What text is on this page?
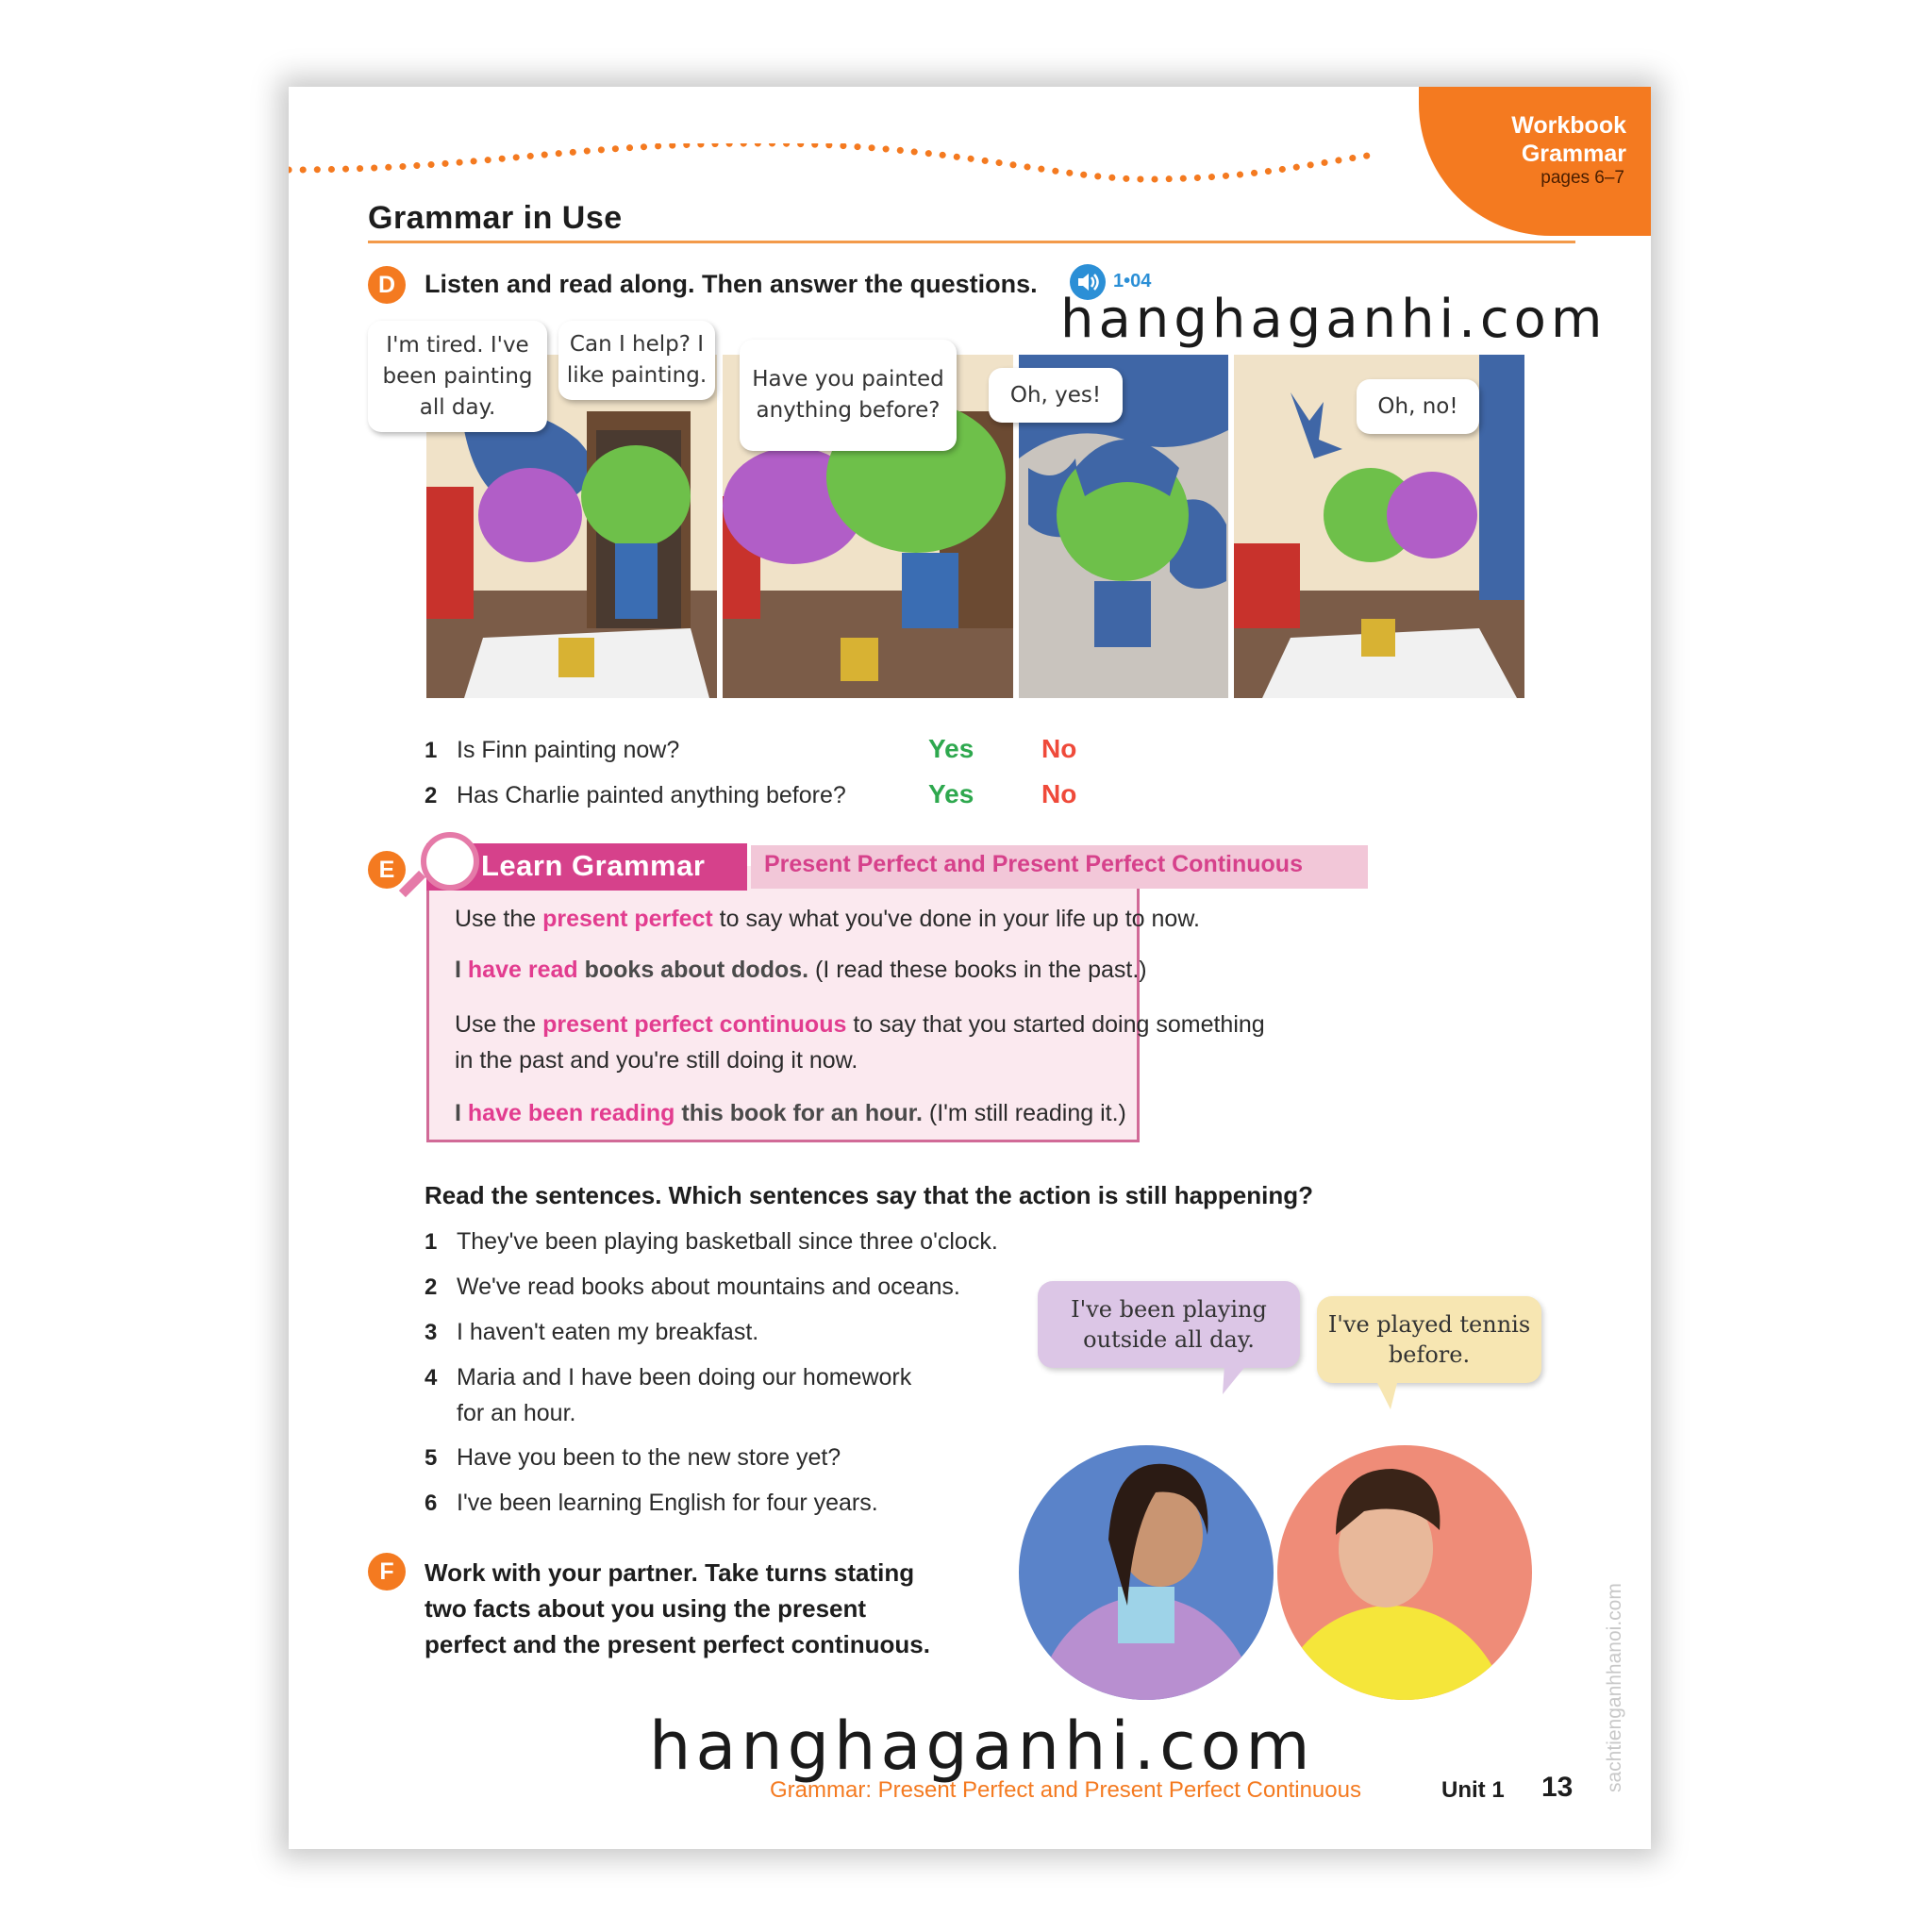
Workbook
Grammar
pages 6–7
Grammar in Use
D	Listen and read along. Then answer the questions.	1•04
I'm tired. I've been painting all day.
Can I help? I like painting.	Have you painted anything before?
Oh, yes!	Oh, no!
1 Is Finn painting now?	Yes	No
2 Has Charlie painted anything before?	Yes	No
E	Learn Grammar	Present Perfect and Present Perfect Continuous
Use the present perfect to say what you've done in your life up to now.
I have read books about dodos. (I read these books in the past.)
Use the present perfect continuous to say that you started doing something
in the past and you're still doing it now.
I have been reading this book for an hour. (I'm still reading it.)
Read the sentences. Which sentences say that the action is still happening?
1 They've been playing basketball since three o'clock.
2 We've read books about mountains and oceans.
3 I haven't eaten my breakfast.
4 Maria and I have been doing our homework
for an hour.
5 Have you been to the new store yet?
6 I've been learning English for four years.
I've been playing outside all day.
I've played tennis before.
F	Work with your partner. Take turns stating
two facts about you using the present
perfect and the present perfect continuous.
Grammar: Present Perfect and Present Perfect Continuous	Unit 1 13
hanghaganhi.com
hanghaganhi.com	sachtienganhhanoi.com
